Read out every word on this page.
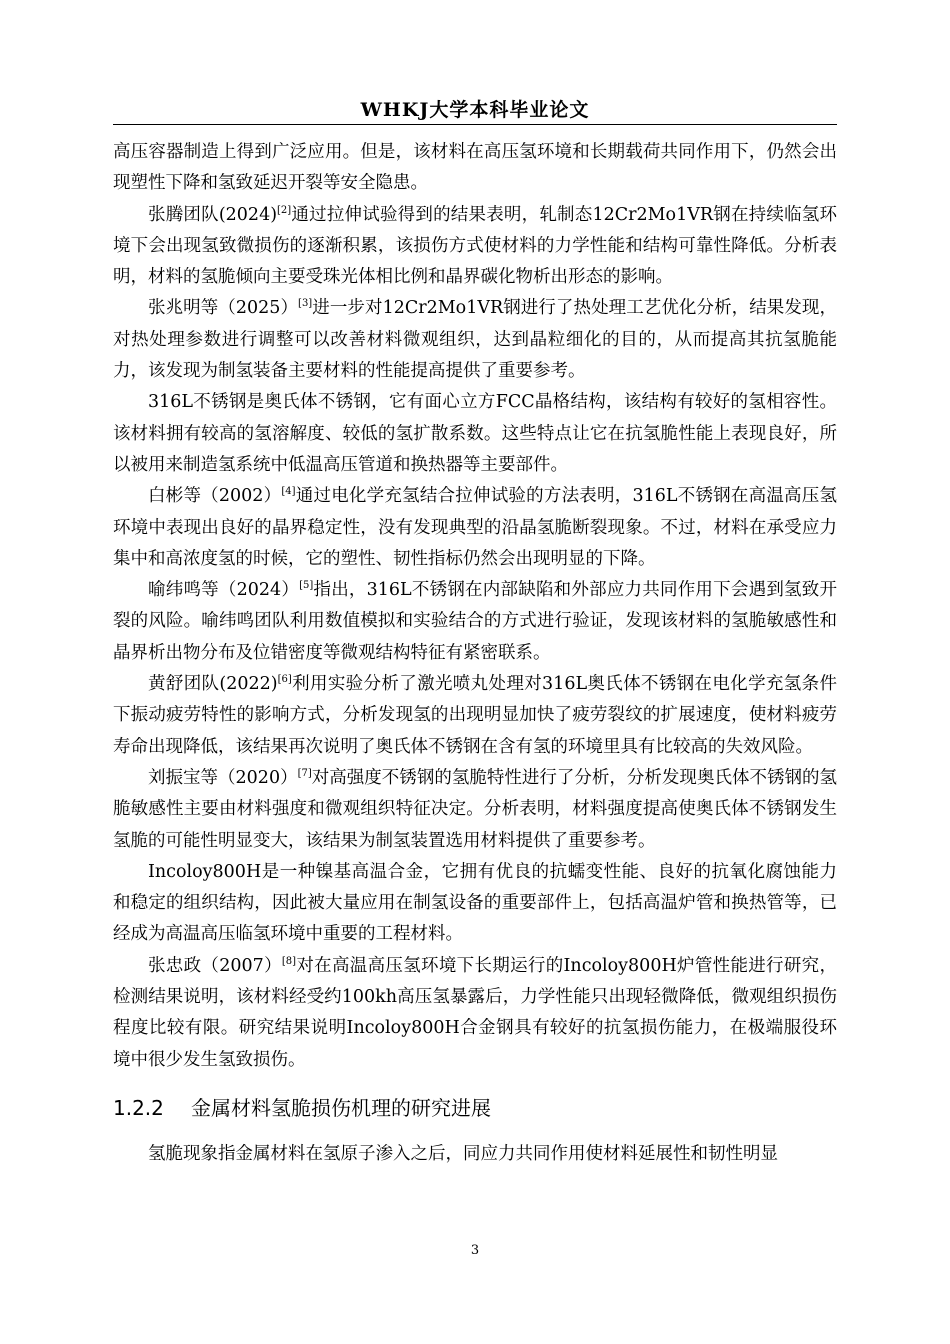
WHKJ大学本科毕业论文

高压容器制造上得到广泛应用。但是，该材料在高压氢环境和长期载荷共同作用下，仍然会出现塑性下降和氢致延迟开裂等安全隐患。

张腾团队(2024)[2]通过拉伸试验得到的结果表明，轧制态12Cr2Mo1VR钢在持续临氢环境下会出现氢致微损伤的逐渐积累，该损伤方式使材料的力学性能和结构可靠性降低。分析表明，材料的氢脆倾向主要受珠光体相比例和晶界碳化物析出形态的影响。

张兆明等（2025）[3]进一步对12Cr2Mo1VR钢进行了热处理工艺优化分析，结果发现，对热处理参数进行调整可以改善材料微观组织，达到晶粒细化的目的，从而提高其抗氢脆能力，该发现为制氢装备主要材料的性能提高提供了重要参考。

316L不锈钢是奥氏体不锈钢，它有面心立方FCC晶格结构，该结构有较好的氢相容性。该材料拥有较高的氢溶解度、较低的氢扩散系数。这些特点让它在抗氢脆性能上表现良好，所以被用来制造氢系统中低温高压管道和换热器等主要部件。

白彬等（2002）[4]通过电化学充氢结合拉伸试验的方法表明，316L不锈钢在高温高压氢环境中表现出良好的晶界稳定性，没有发现典型的沿晶氢脆断裂现象。不过，材料在承受应力集中和高浓度氢的时候，它的塑性、韧性指标仍然会出现明显的下降。

喻纬鸣等（2024）[5]指出，316L不锈钢在内部缺陷和外部应力共同作用下会遇到氢致开裂的风险。喻纬鸣团队利用数值模拟和实验结合的方式进行验证，发现该材料的氢脆敏感性和晶界析出物分布及位错密度等微观结构特征有紧密联系。

黄舒团队(2022)[6]利用实验分析了激光喷丸处理对316L奥氏体不锈钢在电化学充氢条件下振动疲劳特性的影响方式，分析发现氢的出现明显加快了疲劳裂纹的扩展速度，使材料疲劳寿命出现降低，该结果再次说明了奥氏体不锈钢在含有氢的环境里具有比较高的失效风险。

刘振宝等（2020）[7]对高强度不锈钢的氢脆特性进行了分析，分析发现奥氏体不锈钢的氢脆敏感性主要由材料强度和微观组织特征决定。分析表明，材料强度提高使奥氏体不锈钢发生氢脆的可能性明显变大，该结果为制氢装置选用材料提供了重要参考。

Incoloy800H是一种镍基高温合金，它拥有优良的抗蠕变性能、良好的抗氧化腐蚀能力和稳定的组织结构，因此被大量应用在制氢设备的重要部件上，包括高温炉管和换热管等，已经成为高温高压临氢环境中重要的工程材料。

张忠政（2007）[8]对在高温高压氢环境下长期运行的Incoloy800H炉管性能进行研究，检测结果说明，该材料经受约100kh高压氢暴露后，力学性能只出现轻微降低，微观组织损伤程度比较有限。研究结果说明Incoloy800H合金钢具有较好的抗氢损伤能力，在极端服役环境中很少发生氢致损伤。

1.2.2 金属材料氢脆损伤机理的研究进展

氢脆现象指金属材料在氢原子渗入之后，同应力共同作用使材料延展性和韧性明显

3
